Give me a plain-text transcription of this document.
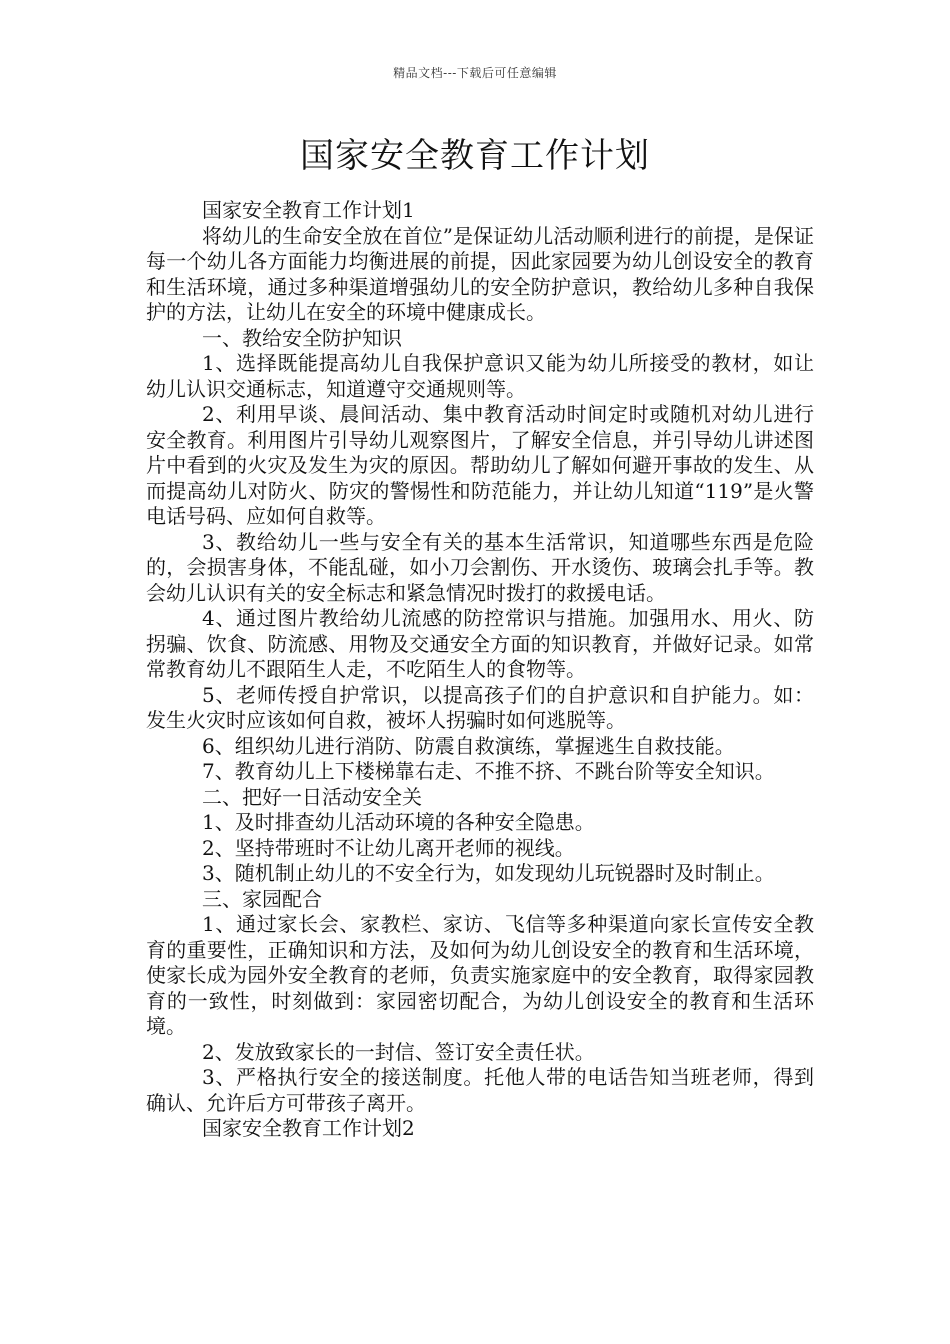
精品文档---下载后可任意编辑
国家安全教育工作计划

国家安全教育工作计划1

将幼儿的生命安全放在首位”是保证幼儿活动顺利进行的前提，是保证每一个幼儿各方面能力均衡进展的前提，因此家园要为幼儿创设安全的教育和生活环境，通过多种渠道增强幼儿的安全防护意识，教给幼儿多种自我保护的方法，让幼儿在安全的环境中健康成长。

一、教给安全防护知识

1、选择既能提高幼儿自我保护意识又能为幼儿所接受的教材，如让幼儿认识交通标志，知道遵守交通规则等。

2、利用早谈、晨间活动、集中教育活动时间定时或随机对幼儿进行安全教育。利用图片引导幼儿观察图片，了解安全信息，并引导幼儿讲述图片中看到的火灾及发生为灾的原因。帮助幼儿了解如何避开事故的发生、从而提高幼儿对防火、防灾的警惕性和防范能力，并让幼儿知道“119”是火警电话号码、应如何自救等。

3、教给幼儿一些与安全有关的基本生活常识，知道哪些东西是危险的，会损害身体，不能乱碰，如小刀会割伤、开水烫伤、玻璃会扎手等。教会幼儿认识有关的安全标志和紧急情况时拨打的救援电话。

4、通过图片教给幼儿流感的防控常识与措施。加强用水、用火、防拐骗、饮食、防流感、用物及交通安全方面的知识教育，并做好记录。如常常教育幼儿不跟陌生人走，不吃陌生人的食物等。

5、老师传授自护常识，以提高孩子们的自护意识和自护能力。如：发生火灾时应该如何自救，被坏人拐骗时如何逃脱等。

6、组织幼儿进行消防、防震自救演练，掌握逃生自救技能。

7、教育幼儿上下楼梯靠右走、不推不挤、不跳台阶等安全知识。

二、把好一日活动安全关

1、及时排查幼儿活动环境的各种安全隐患。

2、坚持带班时不让幼儿离开老师的视线。

3、随机制止幼儿的不安全行为，如发现幼儿玩锐器时及时制止。

三、家园配合

1、通过家长会、家教栏、家访、飞信等多种渠道向家长宣传安全教育的重要性，正确知识和方法，及如何为幼儿创设安全的教育和生活环境，使家长成为园外安全教育的老师，负责实施家庭中的安全教育，取得家园教育的一致性，时刻做到：家园密切配合，为幼儿创设安全的教育和生活环境。

2、发放致家长的一封信、签订安全责任状。

3、严格执行安全的接送制度。托他人带的电话告知当班老师，得到确认、允许后方可带孩子离开。

国家安全教育工作计划2
